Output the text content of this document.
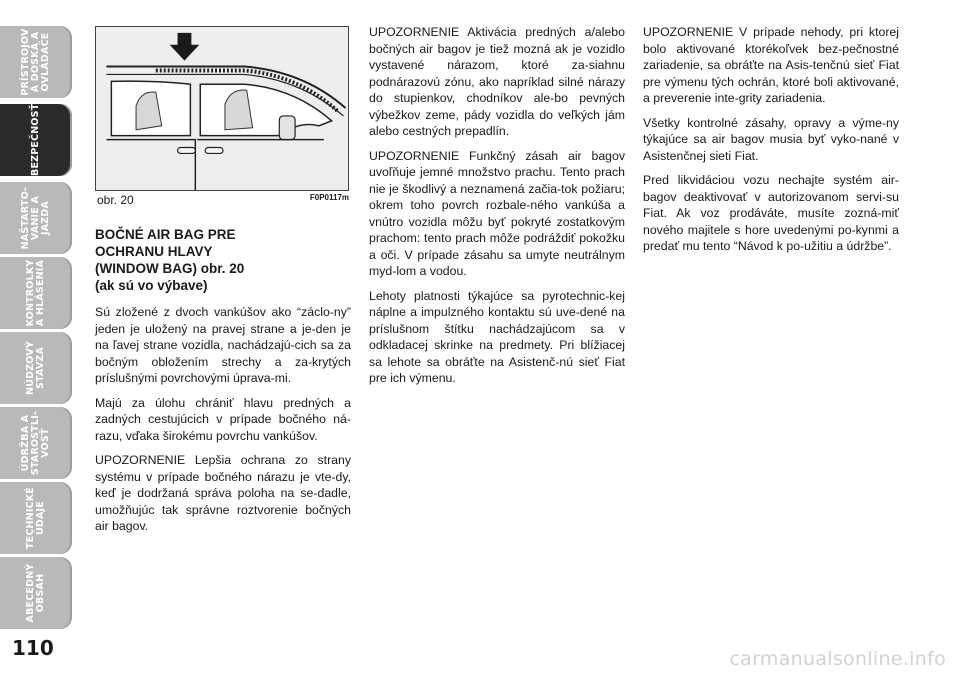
PRÍSTROJOV
Á DOSKA A
OVLÁDAČE
BEZPEČNOSŤ
NAŠTARTO-
VANIE A
JAZDA
KONTROLKY
A HLÁSENIA
NÚDZOVÝ
STAVZA
ÚDRŽBA A
STAROSTLI-
VOSŤ
TECHNICKÉ
ÚDAJE
ABECEDNÝ
OBSAH
110
obr. 20	F0P0117m
BOČNÉ AIR BAG PRE
OCHRANU HLAVY
(WINDOW BAG) obr. 20
(ak sú vo výbave)

Sú zložené z dvoch vankúšov ako “záclo-ny” jeden je uložený na pravej strane a je-den je na ľavej strane vozidla, nachádzajú-cich sa za bočným obložením strechy a za-krytých príslušnými povrchovými úprava-mi.

Majú za úlohu chrániť hlavu predných a zadných cestujúcich v prípade bočného ná-razu, vďaka širokému povrchu vankúšov.

UPOZORNENIE Lepšia ochrana zo strany systému v prípade bočného nárazu je vte-dy, keď je dodržaná správa poloha na se-dadle, umožňujúc tak správne roztvorenie bočných air bagov.

UPOZORNENIE Aktivácia predných a/alebo bočných air bagov je tiež mozná ak je vozidlo vystavené nárazom, ktoré za-siahnu podnárazovú zónu, ako napríklad silné nárazy do stupienkov, chodníkov ale-bo pevných výbežkov zeme, pády vozidla do veľkých jám alebo cestných prepadlín.

UPOZORNENIE Funkčný zásah air bagov uvoľňuje jemné množstvo prachu. Tento prach nie je škodlivý a neznamená začia-tok požiaru; okrem toho povrch rozbale-ného vankúša a vnútro vozidla môžu byť pokryté zostatkovým prachom: tento prach môže podráždiť pokožku a oči. V prípade zásahu sa umyte neutrálnym myd-lom a vodou.

Lehoty platnosti týkajúce sa pyrotechnic-kej náplne a impulzného kontaktu sú uve-dené na príslušnom štítku nachádzajúcom sa v odkladacej skrinke na predmety. Pri blížiacej sa lehote sa obráťte na Asistenč-nú sieť Fiat pre ich výmenu.

UPOZORNENIE V prípade nehody, pri ktorej bolo aktivované ktorékoľvek bez-pečnostné zariadenie, sa obráťte na Asis-tenčnú sieť Fiat pre výmenu tých ochrán, ktoré boli aktivované, a preverenie inte-grity zariadenia.

Všetky kontrolné zásahy, opravy a výme-ny týkajúce sa air bagov musia byť vyko-nané v Asistenčnej sieti Fiat.

Pred likvidáciou vozu nechajte systém air-bagov deaktivovať v autorizovanom servi-su Fiat. Ak voz prodáváte, musíte zozná-miť nového majitele s hore uvedenými po-kynmi a predať mu tento “Návod k po-užitiu a údržbe”.

carmanualsonline.info
